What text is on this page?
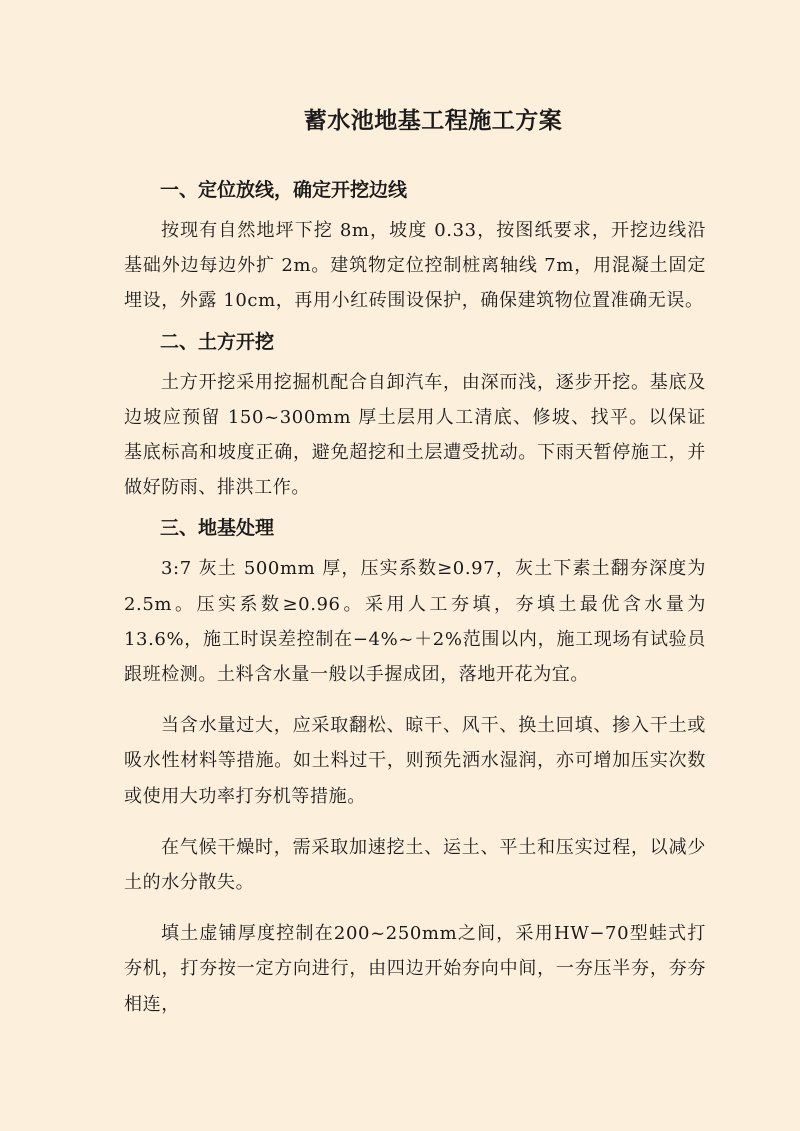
蓄水池地基工程施工方案
一、定位放线，确定开挖边线

按现有自然地坪下挖 8m，坡度 0.33，按图纸要求，开挖边线沿基础外边每边外扩 2m。建筑物定位控制桩离轴线 7m，用混凝土固定埋设，外露 10cm，再用小红砖围设保护，确保建筑物位置准确无误。

二、土方开挖

土方开挖采用挖掘机配合自卸汽车，由深而浅，逐步开挖。基底及边坡应预留 150~300mm 厚土层用人工清底、修坡、找平。以保证基底标高和坡度正确，避免超挖和土层遭受扰动。下雨天暂停施工，并做好防雨、排洪工作。

三、地基处理

3:7 灰土 500mm 厚，压实系数≥0.97，灰土下素土翻夯深度为 2.5m。压实系数≥0.96。采用人工夯填，夯填土最优含水量为 13.6%，施工时误差控制在−4%~＋2%范围以内，施工现场有试验员跟班检测。土料含水量一般以手握成团，落地开花为宜。

当含水量过大，应采取翻松、晾干、风干、换土回填、掺入干土或吸水性材料等措施。如土料过干，则预先洒水湿润，亦可增加压实次数或使用大功率打夯机等措施。

在气候干燥时，需采取加速挖土、运土、平土和压实过程，以减少土的水分散失。

填土虚铺厚度控制在200~250mm之间，采用HW−70型蛙式打夯机，打夯按一定方向进行，由四边开始夯向中间，一夯压半夯，夯夯相连，
